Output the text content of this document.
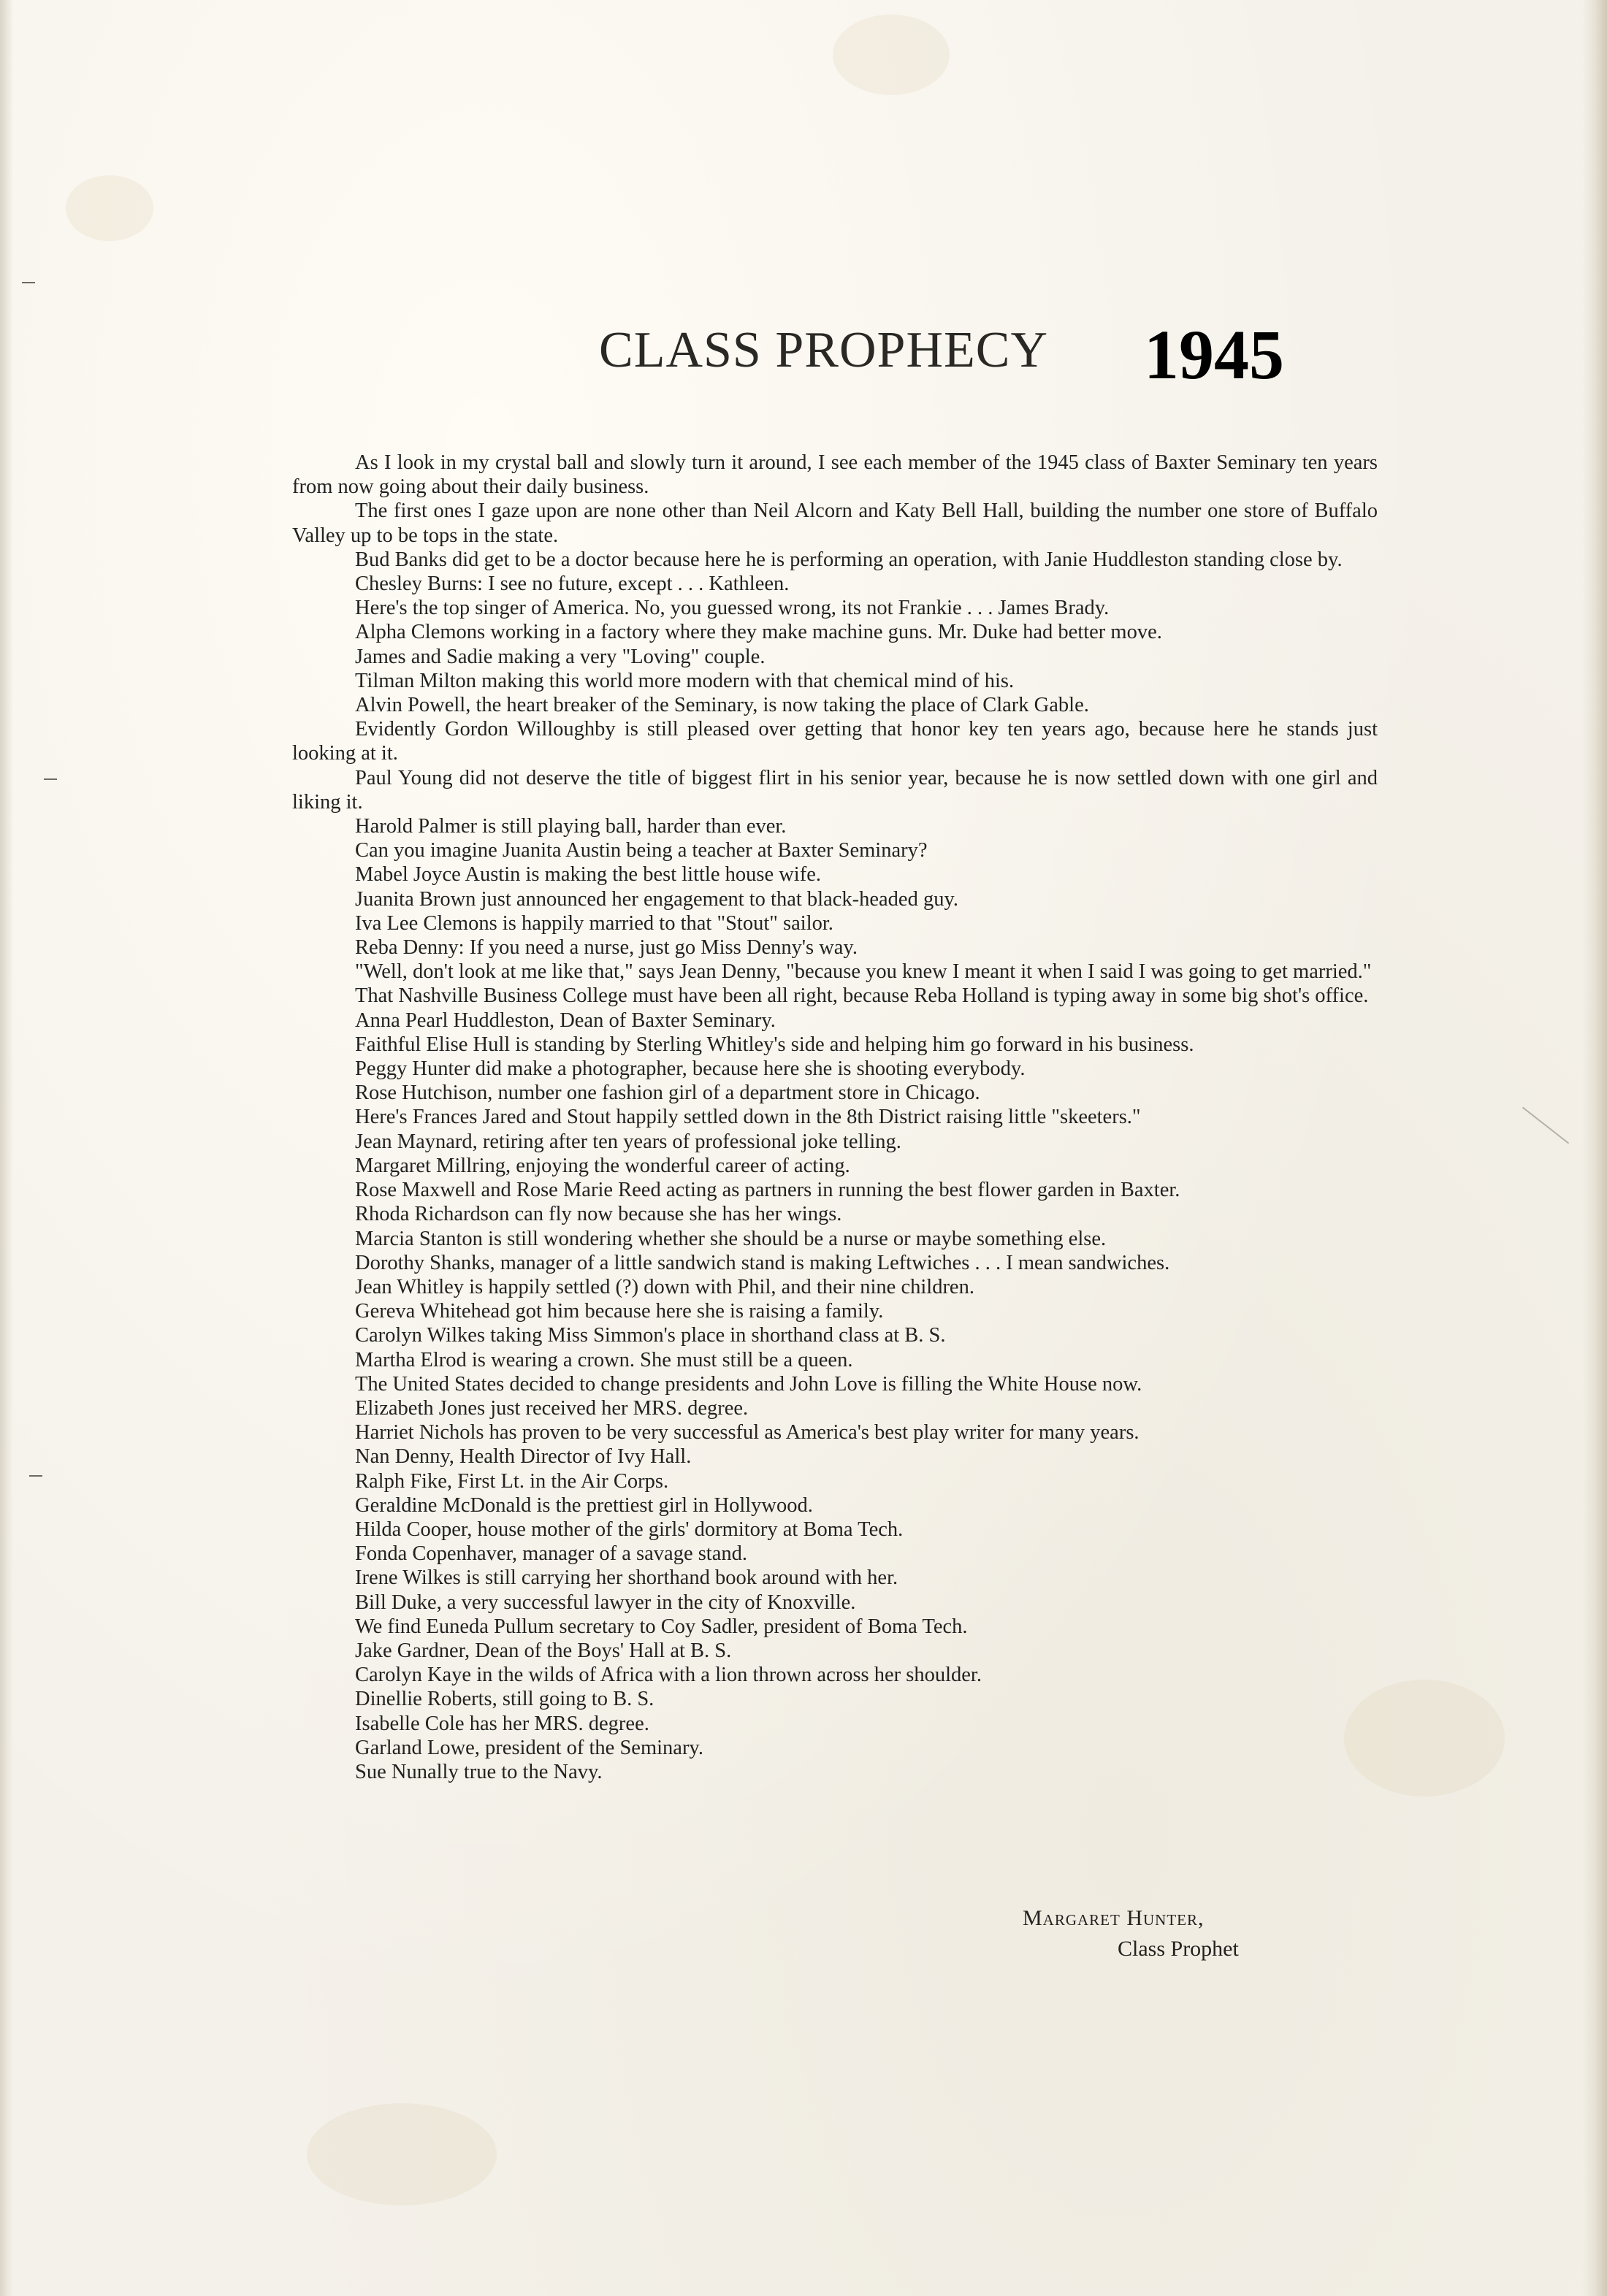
CLASS PROPHECY 1945

As I look in my crystal ball and slowly turn it around, I see each member of the 1945 class of Baxter Seminary ten years from now going about their daily business.

The first ones I gaze upon are none other than Neil Alcorn and Katy Bell Hall, building the number one store of Buffalo Valley up to be tops in the state.

Bud Banks did get to be a doctor because here he is performing an operation, with Janie Huddleston standing close by.

Chesley Burns: I see no future, except . . . Kathleen.

Here's the top singer of America. No, you guessed wrong, its not Frankie . . . James Brady.

Alpha Clemons working in a factory where they make machine guns. Mr. Duke had better move.

James and Sadie making a very "Loving" couple.

Tilman Milton making this world more modern with that chemical mind of his.

Alvin Powell, the heart breaker of the Seminary, is now taking the place of Clark Gable.

Evidently Gordon Willoughby is still pleased over getting that honor key ten years ago, because here he stands just looking at it.

Paul Young did not deserve the title of biggest flirt in his senior year, because he is now settled down with one girl and liking it.

Harold Palmer is still playing ball, harder than ever.

Can you imagine Juanita Austin being a teacher at Baxter Seminary?

Mabel Joyce Austin is making the best little house wife.

Juanita Brown just announced her engagement to that black-headed guy.

Iva Lee Clemons is happily married to that "Stout" sailor.

Reba Denny: If you need a nurse, just go Miss Denny's way.

"Well, don't look at me like that," says Jean Denny, "because you knew I meant it when I said I was going to get married."

That Nashville Business College must have been all right, because Reba Holland is typing away in some big shot's office.

Anna Pearl Huddleston, Dean of Baxter Seminary.

Faithful Elise Hull is standing by Sterling Whitley's side and helping him go forward in his business.

Peggy Hunter did make a photographer, because here she is shooting everybody.

Rose Hutchison, number one fashion girl of a department store in Chicago.

Here's Frances Jared and Stout happily settled down in the 8th District raising little "skeeters."

Jean Maynard, retiring after ten years of professional joke telling.

Margaret Millring, enjoying the wonderful career of acting.

Rose Maxwell and Rose Marie Reed acting as partners in running the best flower garden in Baxter.

Rhoda Richardson can fly now because she has her wings.

Marcia Stanton is still wondering whether she should be a nurse or maybe something else.

Dorothy Shanks, manager of a little sandwich stand is making Leftwiches . . . I mean sandwiches.

Jean Whitley is happily settled (?) down with Phil, and their nine children.

Gereva Whitehead got him because here she is raising a family.

Carolyn Wilkes taking Miss Simmon's place in shorthand class at B. S.

Martha Elrod is wearing a crown. She must still be a queen.

The United States decided to change presidents and John Love is filling the White House now.

Elizabeth Jones just received her MRS. degree.

Harriet Nichols has proven to be very successful as America's best play writer for many years.

Nan Denny, Health Director of Ivy Hall.

Ralph Fike, First Lt. in the Air Corps.

Geraldine McDonald is the prettiest girl in Hollywood.

Hilda Cooper, house mother of the girls' dormitory at Boma Tech.

Fonda Copenhaver, manager of a savage stand.

Irene Wilkes is still carrying her shorthand book around with her.

Bill Duke, a very successful lawyer in the city of Knoxville.

We find Euneda Pullum secretary to Coy Sadler, president of Boma Tech.

Jake Gardner, Dean of the Boys' Hall at B. S.

Carolyn Kaye in the wilds of Africa with a lion thrown across her shoulder.

Dinellie Roberts, still going to B. S.

Isabelle Cole has her MRS. degree.

Garland Lowe, president of the Seminary.

Sue Nunally true to the Navy.

Margaret Hunter,
Class Prophet
